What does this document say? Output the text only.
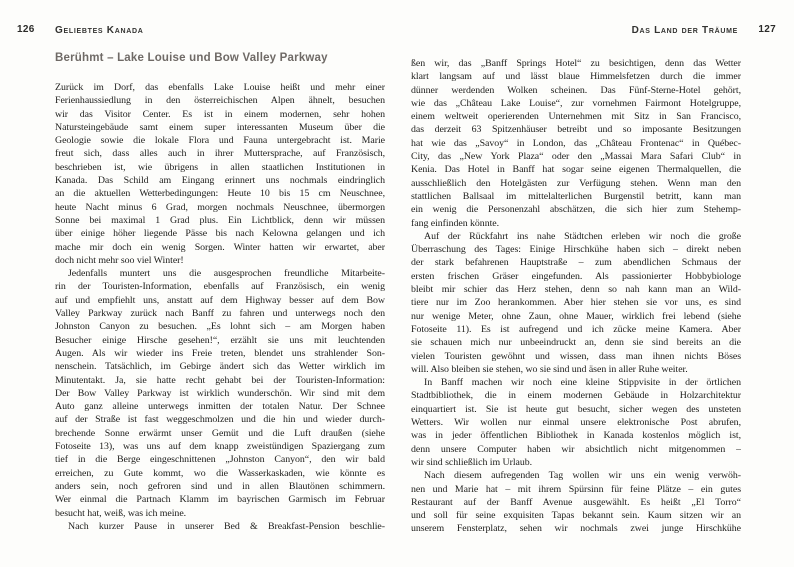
126 Geliebtes Kanada
Berühmt – Lake Louise und Bow Valley Parkway
Zurück im Dorf, das ebenfalls Lake Louise heißt und mehr einer
Ferienhaussiedlung in den österreichischen Alpen ähnelt, besuchen
wir das Visitor Center. Es ist in einem modernen, sehr hohen
Natursteingebäude samt einem super interessanten Museum über die
Geologie sowie die lokale Flora und Fauna untergebracht ist. Marie
freut sich, dass alles auch in ihrer Muttersprache, auf Französisch,
beschrieben ist, wie übrigens in allen staatlichen Institutionen in
Kanada. Das Schild am Eingang erinnert uns nochmals eindringlich
an die aktuellen Wetterbedingungen: Heute 10 bis 15 cm Neuschnee,
heute Nacht minus 6 Grad, morgen nochmals Neuschnee, übermorgen
Sonne bei maximal 1 Grad plus. Ein Lichtblick, denn wir müssen
über einige höher liegende Pässe bis nach Kelowna gelangen und ich
mache mir doch ein wenig Sorgen. Winter hatten wir erwartet, aber
doch nicht mehr soo viel Winter!
Jedenfalls muntert uns die ausgesprochen freundliche Mitarbeite-
rin der Touristen-Information, ebenfalls auf Französisch, ein wenig
auf und empfiehlt uns, anstatt auf dem Highway besser auf dem Bow
Valley Parkway zurück nach Banff zu fahren und unterwegs noch den
Johnston Canyon zu besuchen. „Es lohnt sich – am Morgen haben
Besucher einige Hirsche gesehen!“, erzählt sie uns mit leuchtenden
Augen. Als wir wieder ins Freie treten, blendet uns strahlender Son-
nenschein. Tatsächlich, im Gebirge ändert sich das Wetter wirklich im
Minutentakt. Ja, sie hatte recht gehabt bei der Touristen-Information:
Der Bow Valley Parkway ist wirklich wunderschön. Wir sind mit dem
Auto ganz alleine unterwegs inmitten der totalen Natur. Der Schnee
auf der Straße ist fast weggeschmolzen und die hin und wieder durch-
brechende Sonne erwärmt unser Gemüt und die Luft draußen (siehe
Fotoseite 13), was uns auf dem knapp zweistündigen Spaziergang zum
tief in die Berge eingeschnittenen „Johnston Canyon“, den wir bald
erreichen, zu Gute kommt, wo die Wasserkaskaden, wie könnte es
anders sein, noch gefroren sind und in allen Blautönen schimmern.
Wer einmal die Partnach Klamm im bayrischen Garmisch im Februar
besucht hat, weiß, was ich meine.
Nach kurzer Pause in unserer Bed & Breakfast-Pension beschlie-
Das Land der Träume 127
ßen wir, das „Banff Springs Hotel“ zu besichtigen, denn das Wetter
klart langsam auf und lässt blaue Himmelsfetzen durch die immer
dünner werdenden Wolken scheinen. Das Fünf-Sterne-Hotel gehört,
wie das „Château Lake Louise“, zur vornehmen Fairmont Hotelgruppe,
einem weltweit operierenden Unternehmen mit Sitz in San Francisco,
das derzeit 63 Spitzenhäuser betreibt und so imposante Besitzungen
hat wie das „Savoy“ in London, das „Château Frontenac“ in Québec-
City, das „New York Plaza“ oder den „Massai Mara Safari Club“ in
Kenia. Das Hotel in Banff hat sogar seine eigenen Thermalquellen, die
ausschließlich den Hotelgästen zur Verfügung stehen. Wenn man den
stattlichen Ballsaal im mittelalterlichen Burgenstil betritt, kann man
ein wenig die Personenzahl abschätzen, die sich hier zum Stehemp-
fang einfinden könnte.
Auf der Rückfahrt ins nahe Städtchen erleben wir noch die große
Überraschung des Tages: Einige Hirschkühe haben sich – direkt neben
der stark befahrenen Hauptstraße – zum abendlichen Schmaus der
ersten frischen Gräser eingefunden. Als passionierter Hobbybiologe
bleibt mir schier das Herz stehen, denn so nah kann man an Wild-
tiere nur im Zoo herankommen. Aber hier stehen sie vor uns, es sind
nur wenige Meter, ohne Zaun, ohne Mauer, wirklich frei lebend (siehe
Fotoseite 11). Es ist aufregend und ich zücke meine Kamera. Aber
sie schauen mich nur unbeeindruckt an, denn sie sind bereits an die
vielen Touristen gewöhnt und wissen, dass man ihnen nichts Böses
will. Also bleiben sie stehen, wo sie sind und äsen in aller Ruhe weiter.
In Banff machen wir noch eine kleine Stippvisite in der örtlichen
Stadtbibliothek, die in einem modernen Gebäude in Holzarchitektur
einquartiert ist. Sie ist heute gut besucht, sicher wegen des unsteten
Wetters. Wir wollen nur einmal unsere elektronische Post abrufen,
was in jeder öffentlichen Bibliothek in Kanada kostenlos möglich ist,
denn unsere Computer haben wir absichtlich nicht mitgenommen –
wir sind schließlich im Urlaub.
Nach diesem aufregenden Tag wollen wir uns ein wenig verwöh-
nen und Marie hat – mit ihrem Spürsinn für feine Plätze – ein gutes
Restaurant auf der Banff Avenue ausgewählt. Es heißt „El Torro“
und soll für seine exquisiten Tapas bekannt sein. Kaum sitzen wir an
unserem Fensterplatz, sehen wir nochmals zwei junge Hirschkühe
